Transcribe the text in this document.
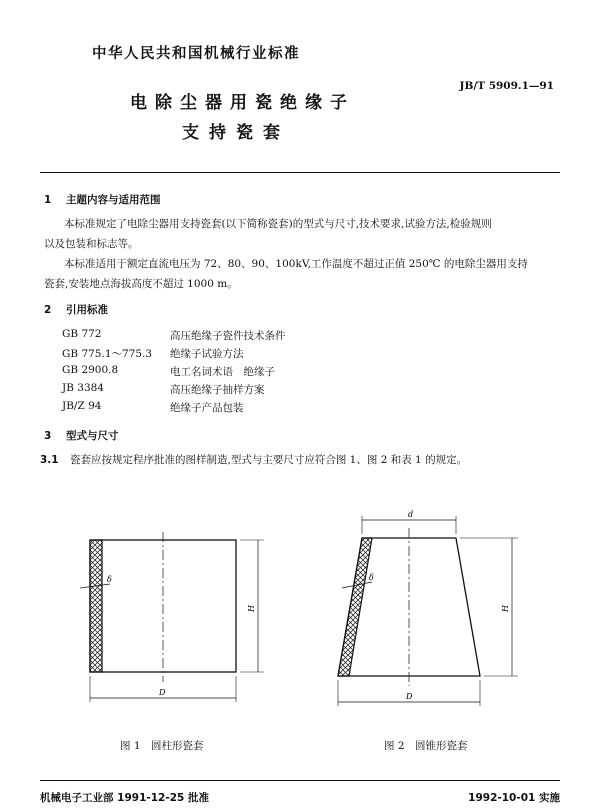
中华人民共和国机械行业标准
JB/T 5909.1—91
电除尘器用瓷绝缘子
支持瓷套
1 主题内容与适用范围
本标准规定了电除尘器用支持瓷套(以下简称瓷套)的型式与尺寸,技术要求,试验方法,检验规则
以及包装和标志等。
本标准适用于额定直流电压为 72、80、90、100kV,工作温度不超过正值 250℃ 的电除尘器用支持
瓷套,安装地点海拔高度不超过 1000 m。
2 引用标准
GB 772	高压绝缘子瓷件技术条件
GB 775.1～775.3 绝缘子试验方法
GB 2900.8	电工名词术语　绝缘子
JB 3384	高压绝缘子抽样方案
JB/Z 94	绝缘子产品包装
3 型式与尺寸
3.1 瓷套应按规定程序批准的图样制造,型式与主要尺寸应符合图 1、图 2 和表 1 的规定。
δ
H
D
d
δ
H
D
图 1　圆柱形瓷套	图 2　圆锥形瓷套
机械电子工业部 1991-12-25 批准	1992-10-01 实施
